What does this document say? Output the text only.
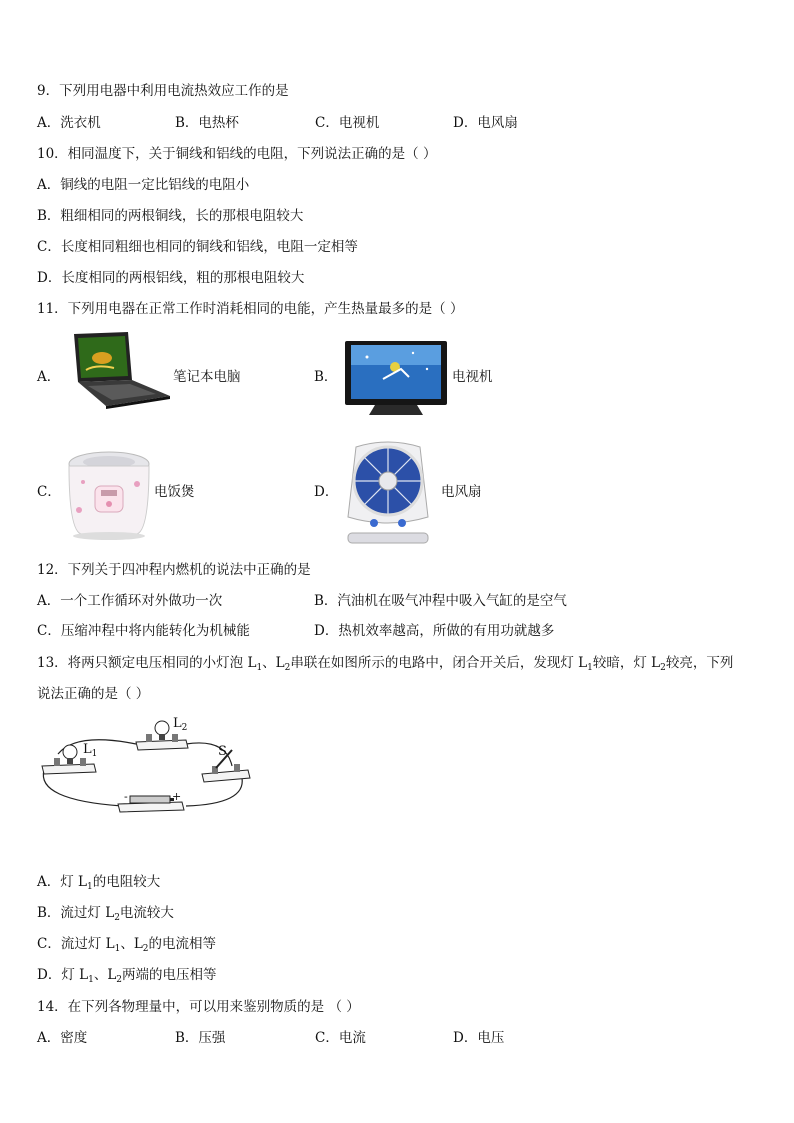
9．下列用电器中利用电流热效应工作的是
A．洗衣机	B．电热杯	C．电视机	D．电风扇
10．相同温度下，关于铜线和铝线的电阻，下列说法正确的是（ ）
A．铜线的电阻一定比铝线的电阻小
B．粗细相同的两根铜线，长的那根电阻较大
C．长度相同粗细也相同的铜线和铝线，电阻一定相等
D．长度相同的两根铝线，粗的那根电阻较大
11．下列用电器在正常工作时消耗相同的电能，产生热量最多的是（ ）
A．	笔记本电脑	B．	电视机
C．	电饭煲	D．	电风扇
12．下列关于四冲程内燃机的说法中正确的是
A．一个工作循环对外做功一次	B．汽油机在吸气冲程中吸入气缸的是空气
C．压缩冲程中将内能转化为机械能	D．热机效率越高，所做的有用功就越多
13．将两只额定电压相同的小灯泡 $L_1$、$L_2$串联在如图所示的电路中，闭合开关后，发现灯 $L_1$较暗，灯 $L_2$较亮，下列
说法正确的是（ ）
$L_1$
$L_2$
S
-	+
A．灯 $L_1$的电阻较大
B．流过灯 $L_2$电流较大
C．流过灯 $L_1$、$L_2$的电流相等
D．灯 $L_1$、$L_2$两端的电压相等
14．在下列各物理量中，可以用来鉴别物质的是 （ ）
A．密度	B．压强	C．电流	D．电压
